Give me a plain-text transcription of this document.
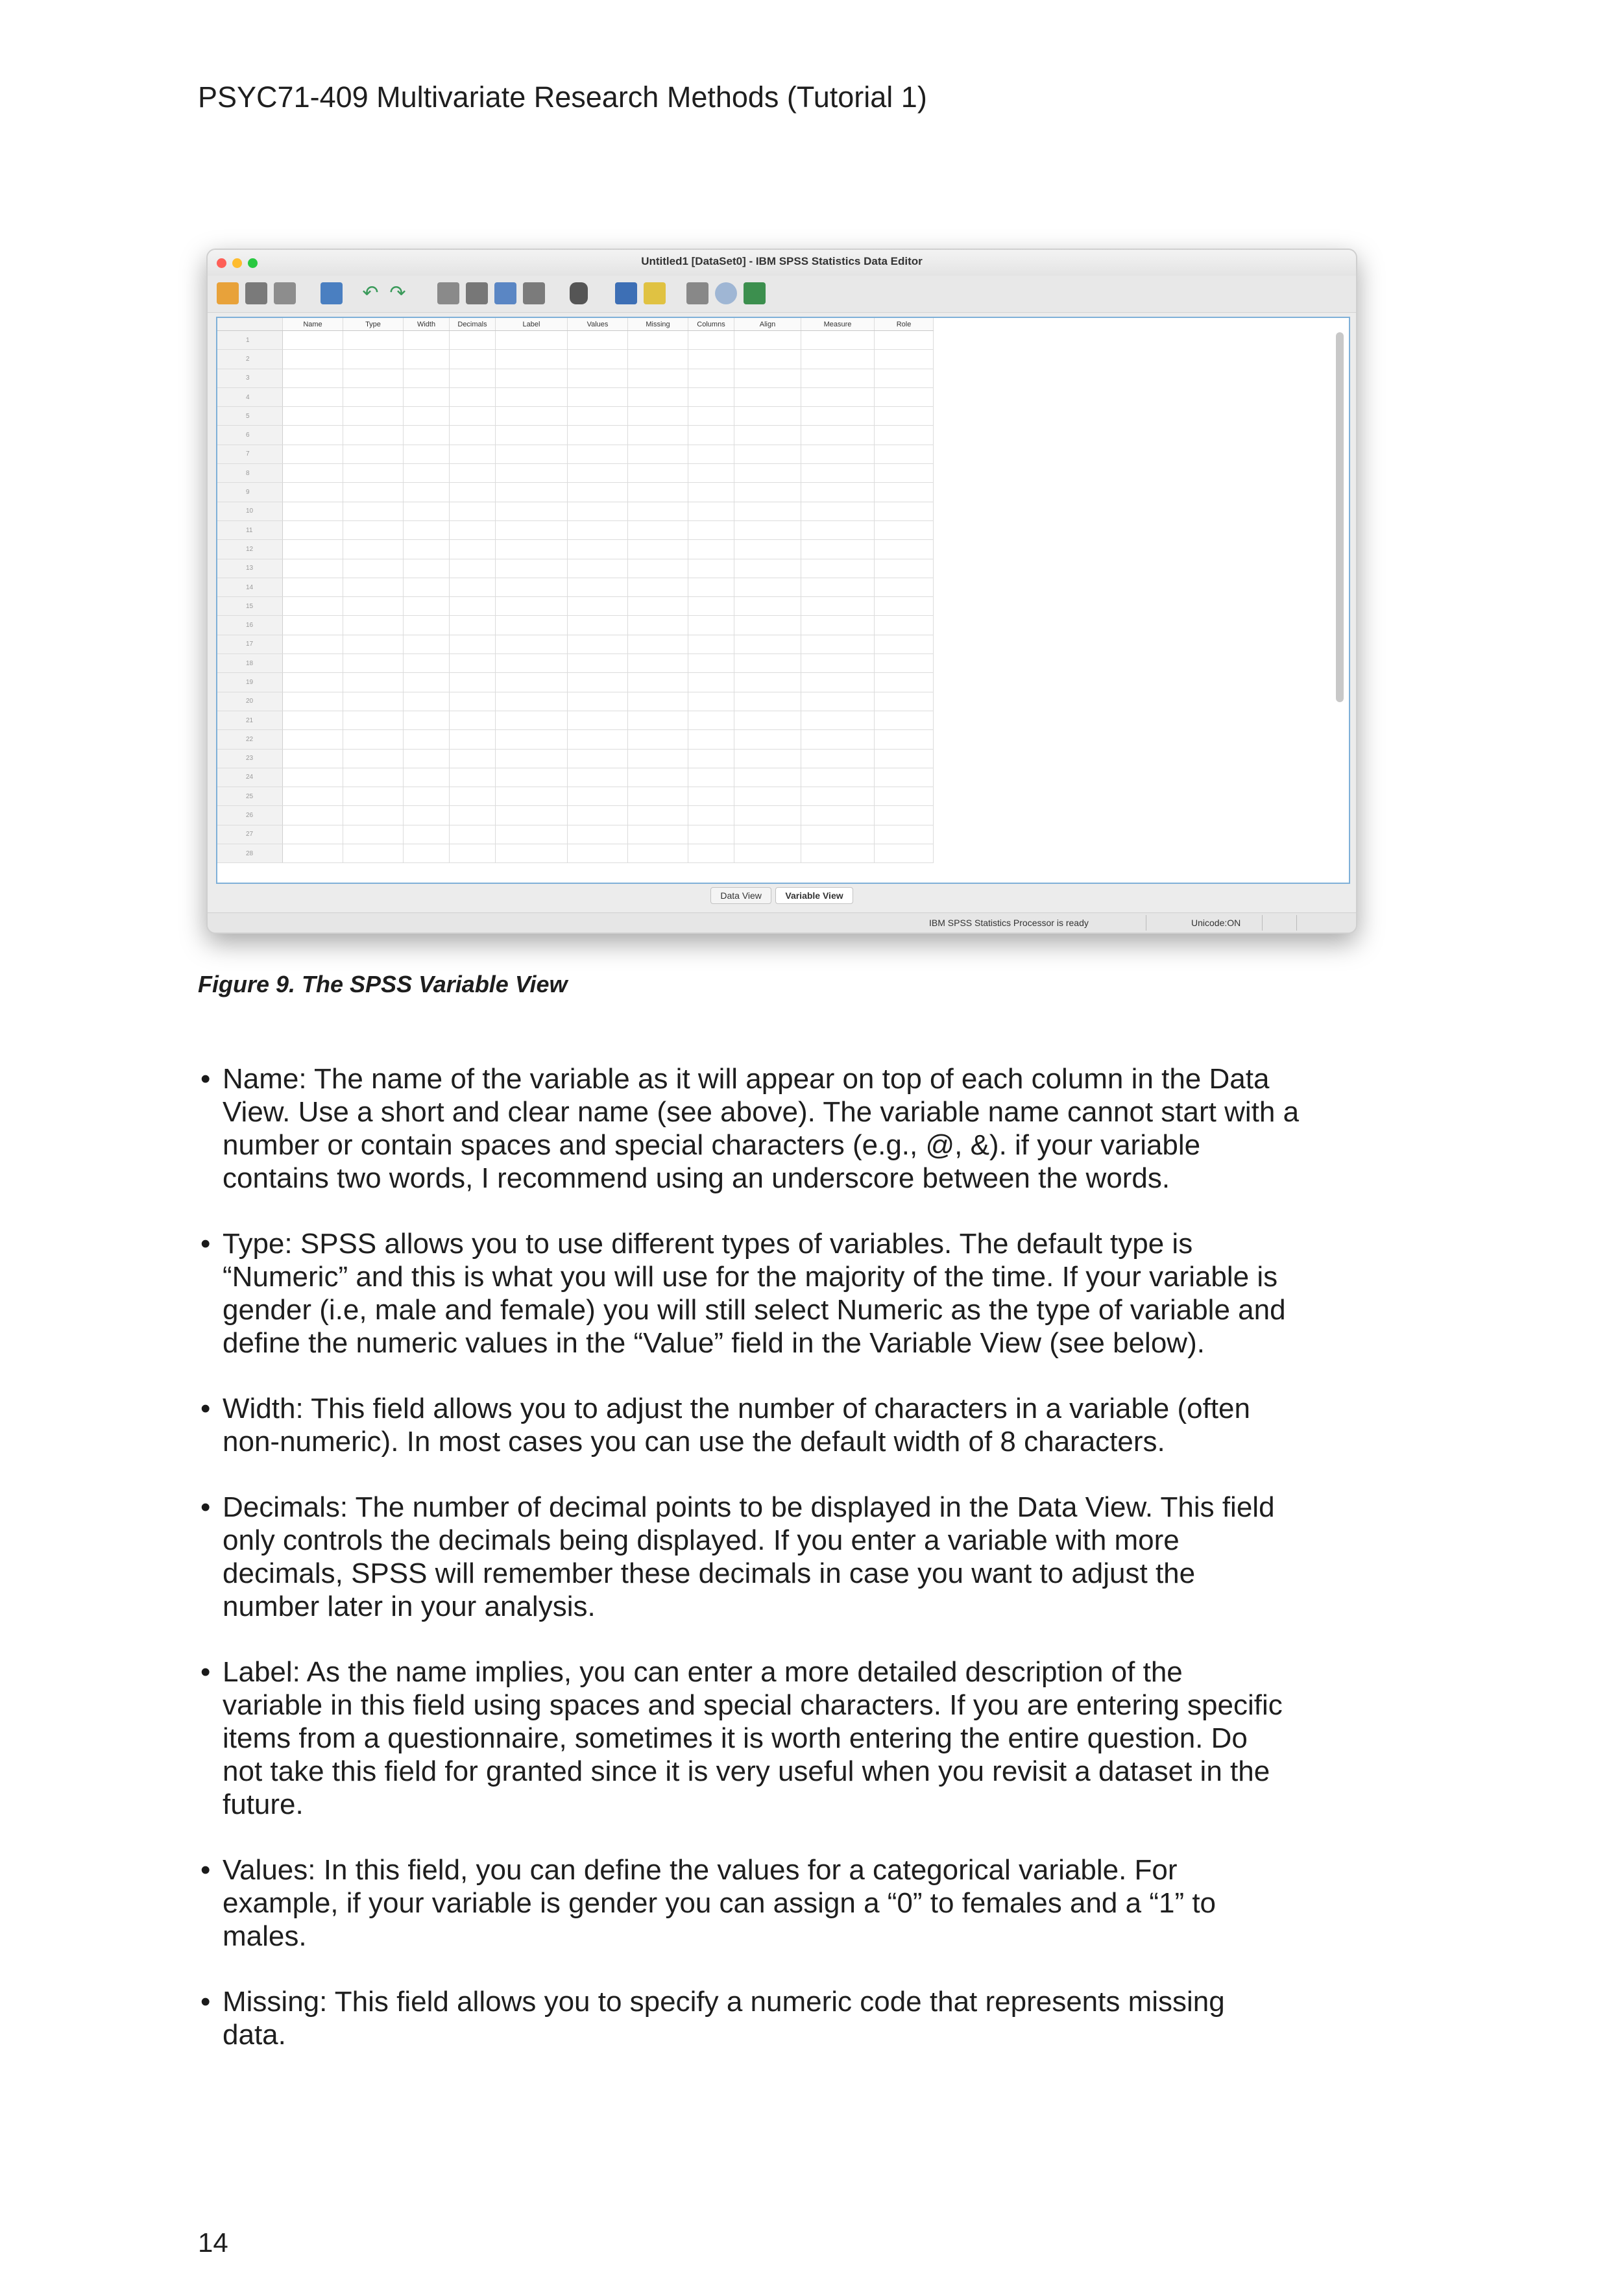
PSYC71-409 Multivariate Research Methods (Tutorial 1)
Untitled1 [DataSet0] - IBM SPSS Statistics Data Editor
↶ ↷
	Name	Type	Width	Decimals	Label	Values	Missing	Columns	Align	Measure	Role
1											
2											
3											
4											
5											
6											
7											
8											
9											
10											
11											
12											
13											
14											
15											
16											
17											
18											
19											
20											
21											
22											
23											
24											
25											
26											
27											
28											
Data View	Variable View
IBM SPSS Statistics Processor is ready	Unicode:ON
Figure 9. The SPSS Variable View
• Name: The name of the variable as it will appear on top of each column in the Data
View. Use a short and clear name (see above). The variable name cannot start with a
number or contain spaces and special characters (e.g., @, &). if your variable
contains two words, I recommend using an underscore between the words.
• Type: SPSS allows you to use different types of variables. The default type is
“Numeric” and this is what you will use for the majority of the time. If your variable is
gender (i.e, male and female) you will still select Numeric as the type of variable and
define the numeric values in the “Value” field in the Variable View (see below).
• Width: This field allows you to adjust the number of characters in a variable (often
non-numeric). In most cases you can use the default width of 8 characters.
• Decimals: The number of decimal points to be displayed in the Data View. This field
only controls the decimals being displayed. If you enter a variable with more
decimals, SPSS will remember these decimals in case you want to adjust the
number later in your analysis.
• Label: As the name implies, you can enter a more detailed description of the
variable in this field using spaces and special characters. If you are entering specific
items from a questionnaire, sometimes it is worth entering the entire question. Do
not take this field for granted since it is very useful when you revisit a dataset in the
future.
• Values: In this field, you can define the values for a categorical variable. For
example, if your variable is gender you can assign a “0” to females and a “1” to
males.
• Missing: This field allows you to specify a numeric code that represents missing
data.
14
